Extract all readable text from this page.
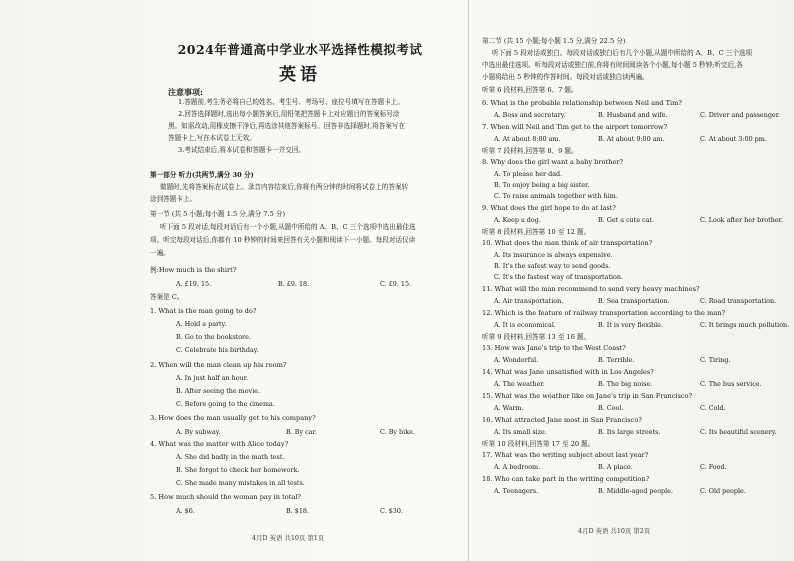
2024年普通高中学业水平选择性模拟考试
英语
注意事项:
1.答题前,考生务必将自己的姓名、考生号、考场号、座位号填写在答题卡上。
2.回答选择题时,选出每小题答案后,用铅笔把答题卡上对应题目的答案标号涂
黑。如需改动,用橡皮擦干净后,再选涂其他答案标号。回答非选择题时,将答案写在
答题卡上,写在本试卷上无效。
3.考试结束后,将本试卷和答题卡一并交回。
第一部分 听力(共两节,满分 30 分)
做题时,先将答案标在试卷上。录音内容结束后,你将有两分钟的时间将试卷上的答案转
涂到答题卡上。
第一节 (共 5 小题;每小题 1.5 分,满分 7.5 分)
听下面 5 段对话,每段对话后有一个小题,从题中所给的 A、B、C 三个选项中选出最佳选
项。听完每段对话后,你都有 10 秒钟的时间来回答有关小题和阅读下一小题。每段对话仅读
一遍。
例:How much is the shirt?
A. £19. 15.	B. £9. 18.	C. £9. 15.
答案是 C。
1. What is the man going to do?
A. Hold a party.
B. Go to the bookstore.
C. Celebrate his birthday.
2. When will the man clean up his room?
A. In just half an hour.
B. After seeing the movie.
C. Before going to the cinema.
3. How does the man usually get to his company?
A. By subway.	B. By car.	C. By bike.
4. What was the matter with Alice today?
A. She did badly in the math test.
B. She forgot to check her homework.
C. She made many mistakes in all tests.
5. How much should the woman pay in total?
A. $6.	B. $18.	C. $30.
4月D 英语 共10页 第1页
第二节 (共 15 小题;每小题 1.5 分,满分 22.5 分)
听下面 5 段对话或独白。每段对话或独白后有几个小题,从题中所给的 A、B、C 三个选项
中选出最佳选项。听每段对话或独白前,你将有时间阅读各个小题,每小题 5 秒钟;听完后,各
小题将给出 5 秒钟的作答时间。每段对话或独白读两遍。
听第 6 段材料,回答第 6、7 题。
6. What is the probable relationship between Neil and Tim?
A. Boss and secretary.	B. Husband and wife.	C. Driver and passenger.
7. When will Neil and Tim get to the airport tomorrow?
A. At about 8:00 am.	B. At about 9:00 am.	C. At about 3:00 pm.
听第 7 段材料,回答第 8、9 题。
8. Why does the girl want a baby brother?
A. To please her dad.
B. To enjoy being a big sister.
C. To raise animals together with him.
9. What does the girl hope to do at last?
A. Keep a dog.	B. Get a cute cat.	C. Look after her brother.
听第 8 段材料,回答第 10 至 12 题。
10. What does the man think of air transportation?
A. Its insurance is always expensive.
B. It's the safest way to send goods.
C. It's the fastest way of transportation.
11. What will the man recommend to send very heavy machines?
A. Air transportation.	B. Sea transportation.	C. Road transportation.
12. Which is the feature of railway transportation according to the man?
A. It is economical.	B. It is very flexible.	C. It brings much pollution.
听第 9 段材料,回答第 13 至 16 题。
13. How was Jane's trip to the West Coast?
A. Wonderful.	B. Terrible.	C. Tiring.
14. What was Jane unsatisfied with in Los Angeles?
A. The weather.	B. The big noise.	C. The bus service.
15. What was the weather like on Jane's trip in San Francisco?
A. Warm.	B. Cool.	C. Cold.
16. What attracted Jane most in San Francisco?
A. Its small size.	B. Its large streets.	C. Its beautiful scenery.
听第 10 段材料,回答第 17 至 20 题。
17. What was the writing subject about last year?
A. A bedroom.	B. A place.	C. Food.
18. Who can take part in the writing competition?
A. Teenagers.	B. Middle-aged people.	C. Old people.
4月D 英语 共10页 第2页
